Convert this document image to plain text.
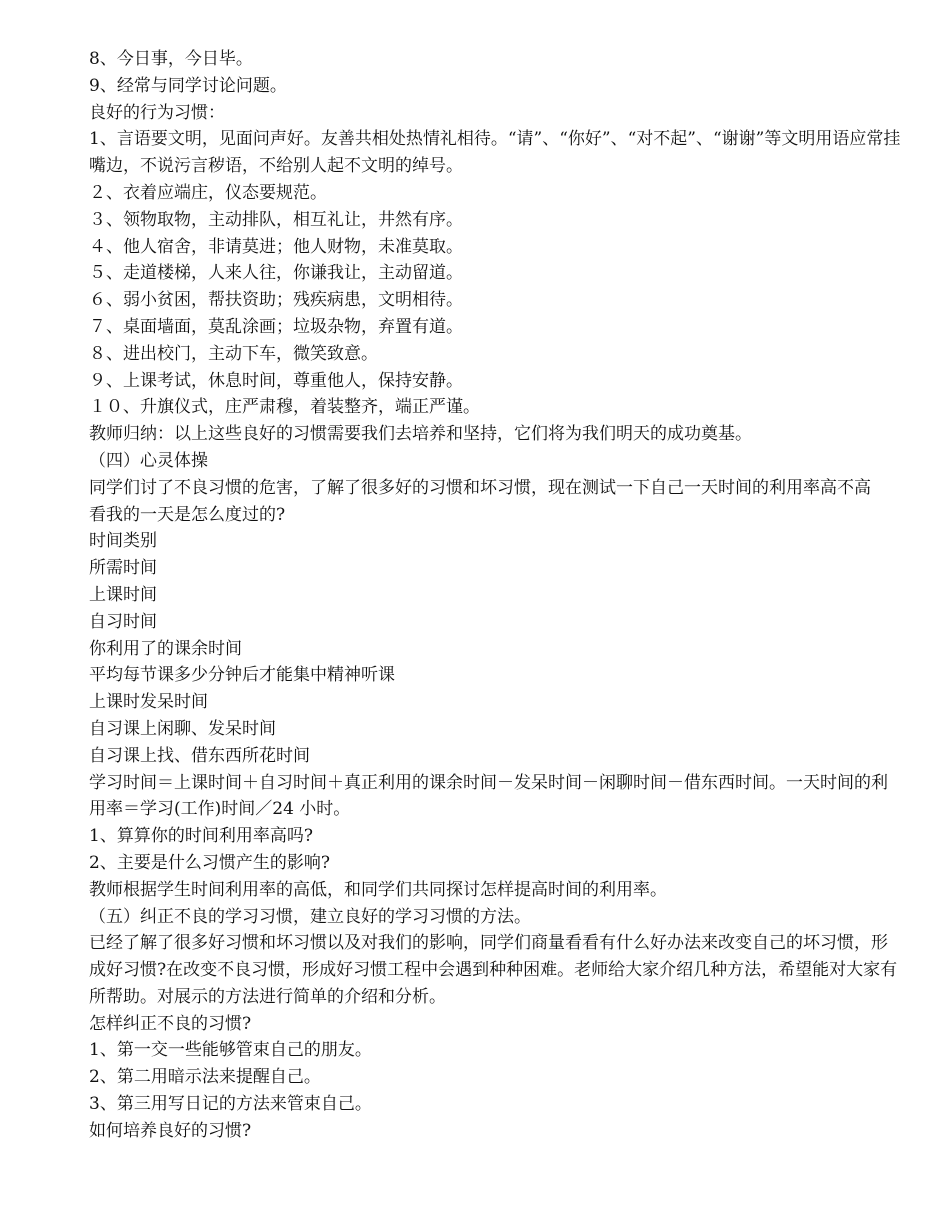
8、今日事，今日毕。
9、经常与同学讨论问题。
良好的行为习惯：
1、言语要文明，见面问声好。友善共相处热情礼相待。“请”、“你好”、“对不起”、“谢谢”等文明用语应常挂嘴边，不说污言秽语，不给别人起不文明的绰号。
２、衣着应端庄，仪态要规范。
３、领物取物，主动排队，相互礼让，井然有序。
４、他人宿舍，非请莫进；他人财物，未准莫取。
５、走道楼梯，人来人往，你谦我让，主动留道。
６、弱小贫困，帮扶资助；残疾病患，文明相待。
７、桌面墙面，莫乱涂画；垃圾杂物，弃置有道。
８、进出校门，主动下车，微笑致意。
９、上课考试，休息时间，尊重他人，保持安静。
１０、升旗仪式，庄严肃穆，着装整齐，端正严谨。
教师归纳：以上这些良好的习惯需要我们去培养和坚持，它们将为我们明天的成功奠基。
（四）心灵体操
同学们讨了不良习惯的危害，了解了很多好的习惯和坏习惯，现在测试一下自己一天时间的利用率高不高
看我的一天是怎么度过的?
时间类别
所需时间
上课时间
自习时间
你利用了的课余时间
平均每节课多少分钟后才能集中精神听课
上课时发呆时间
自习课上闲聊、发呆时间
自习课上找、借东西所花时间
学习时间＝上课时间＋自习时间＋真正利用的课余时间－发呆时间－闲聊时间－借东西时间。一天时间的利用率＝学习(工作)时间／24 小时。
1、算算你的时间利用率高吗?
2、主要是什么习惯产生的影响?
教师根据学生时间利用率的高低，和同学们共同探讨怎样提高时间的利用率。
（五）纠正不良的学习习惯，建立良好的学习习惯的方法。
已经了解了很多好习惯和坏习惯以及对我们的影响，同学们商量看看有什么好办法来改变自己的坏习惯，形成好习惯?在改变不良习惯，形成好习惯工程中会遇到种种困难。老师给大家介绍几种方法，希望能对大家有所帮助。对展示的方法进行简单的介绍和分析。
怎样纠正不良的习惯?
1、第一交一些能够管束自己的朋友。
2、第二用暗示法来提醒自己。
3、第三用写日记的方法来管束自己。
如何培养良好的习惯?
